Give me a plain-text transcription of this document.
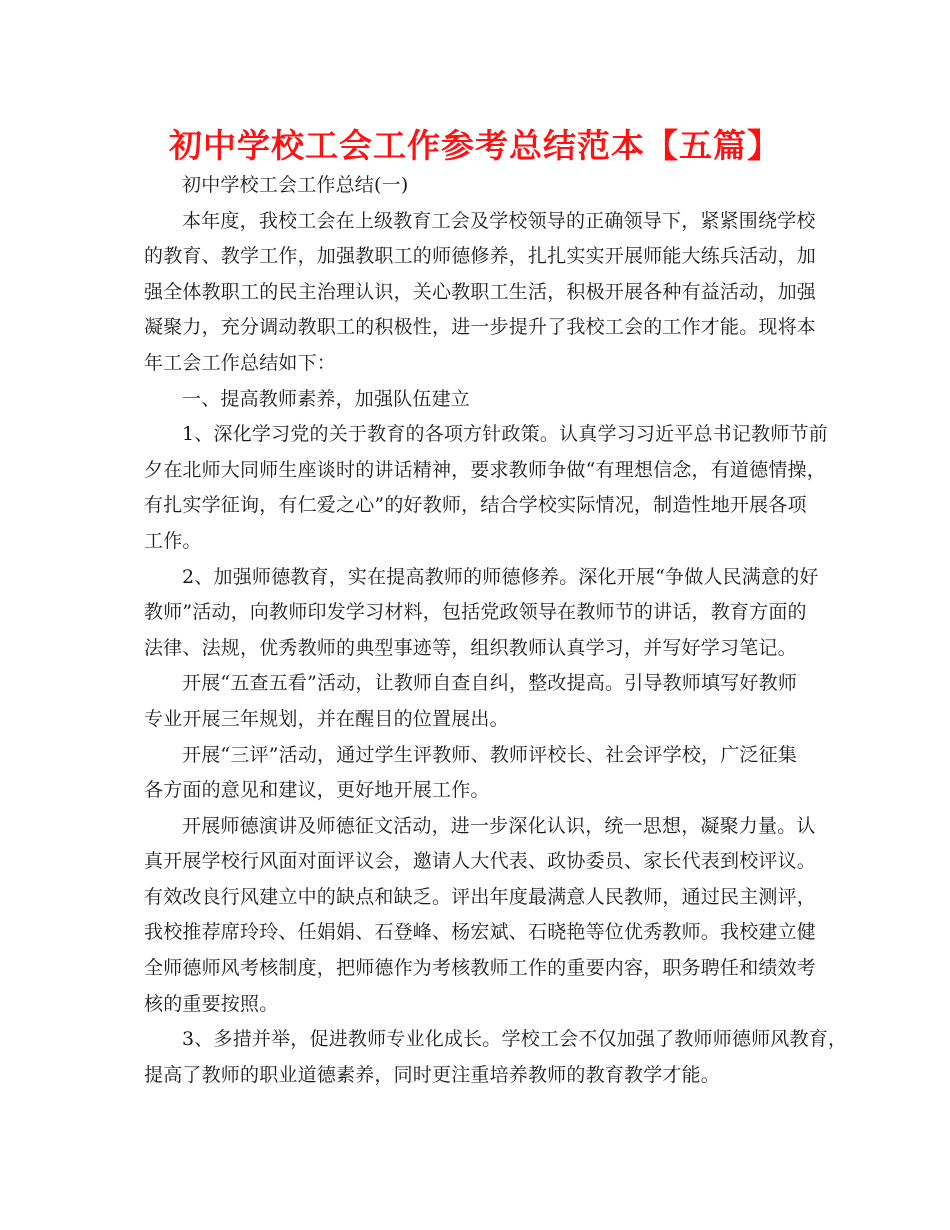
初中学校工会工作参考总结范本【五篇】
初中学校工会工作总结(一)
本年度，我校工会在上级教育工会及学校领导的正确领导下，紧紧围绕学校
的教育、教学工作，加强教职工的师德修养，扎扎实实开展师能大练兵活动，加
强全体教职工的民主治理认识，关心教职工生活，积极开展各种有益活动，加强
凝聚力，充分调动教职工的积极性，进一步提升了我校工会的工作才能。现将本
年工会工作总结如下：
一、提高教师素养，加强队伍建立
1、深化学习党的关于教育的各项方针政策。认真学习习近平总书记教师节前
夕在北师大同师生座谈时的讲话精神，要求教师争做“有理想信念，有道德情操，
有扎实学征询，有仁爱之心”的好教师，结合学校实际情况，制造性地开展各项
工作。
2、加强师德教育，实在提高教师的师德修养。深化开展“争做人民满意的好
教师”活动，向教师印发学习材料，包括党政领导在教师节的讲话，教育方面的
法律、法规，优秀教师的典型事迹等，组织教师认真学习，并写好学习笔记。
开展“五查五看”活动，让教师自查自纠，整改提高。引导教师填写好教师
专业开展三年规划，并在醒目的位置展出。
开展“三评”活动，通过学生评教师、教师评校长、社会评学校，广泛征集
各方面的意见和建议，更好地开展工作。
开展师德演讲及师德征文活动，进一步深化认识，统一思想，凝聚力量。认
真开展学校行风面对面评议会，邀请人大代表、政协委员、家长代表到校评议。
有效改良行风建立中的缺点和缺乏。评出年度最满意人民教师，通过民主测评，
我校推荐席玲玲、任娟娟、石登峰、杨宏斌、石晓艳等位优秀教师。我校建立健
全师德师风考核制度，把师德作为考核教师工作的重要内容，职务聘任和绩效考
核的重要按照。
3、多措并举，促进教师专业化成长。学校工会不仅加强了教师师德师风教育，
提高了教师的职业道德素养，同时更注重培养教师的教育教学才能。
